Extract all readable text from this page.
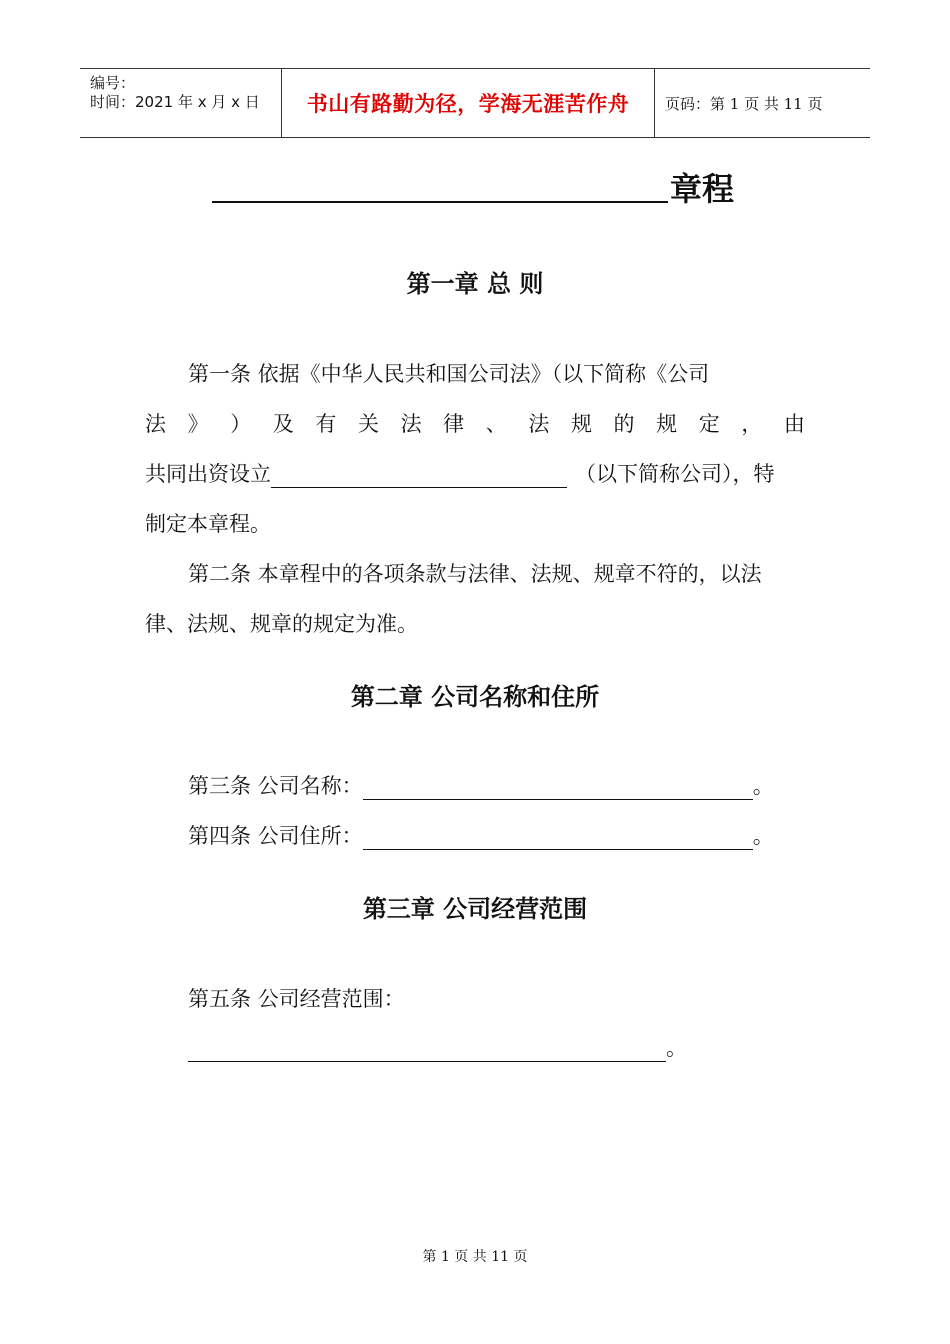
编号：
时间：2021 年 x 月 x 日	书山有路勤为径，学海无涯苦作舟	页码：第 1 页 共 11 页
章程
第一章 总 则
第一条 依据《中华人民共和国公司法》（以下简称《公司
法 》 ） 及 有 关 法 律 、 法 规 的 规 定 ， 由
共同出资设立	（以下简称公司），特
制定本章程。
第二条 本章程中的各项条款与法律、法规、规章不符的，以法
律、法规、规章的规定为准。
第二章 公司名称和住所
第三条 公司名称：	。
第四条 公司住所：	。
第三章 公司经营范围
第五条 公司经营范围：
。
第 1 页 共 11 页
